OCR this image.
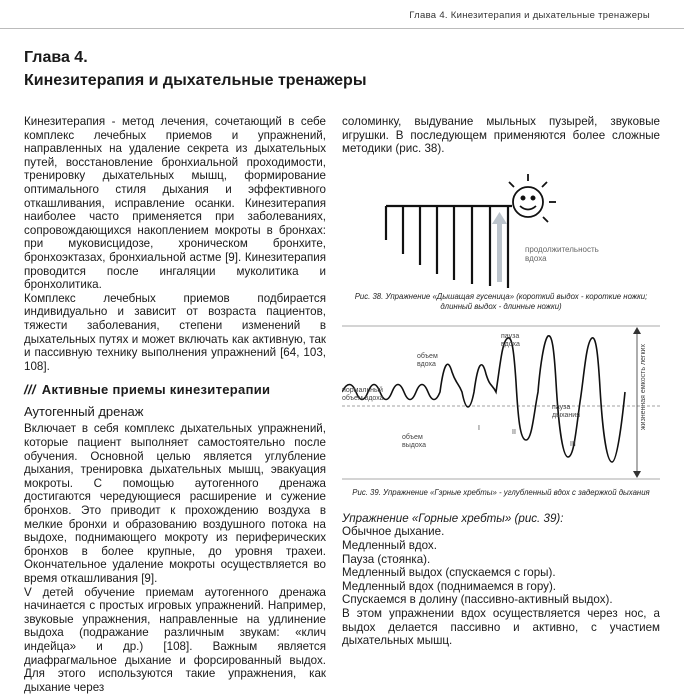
Глава 4. Кинезитерапия и дыхательные тренажеры
Глава 4.
Кинезитерапия и дыхательные тренажеры

Кинезитерапия - метод лечения, сочетающий в себе комплекс лечебных приемов и упражнений, направленных на удаление секрета из дыхательных путей, восстановление бронхиальной проходимости, тренировку дыхательных мышц, формирование оптимального стиля дыхания и эффективного откашливания, исправление осанки. Кинезитерапия наиболее часто применяется при заболеваниях, сопровождающихся накоплением мокроты в бронхах: при муковисцидозе, хроническом бронхите, бронхоэктазах, бронхиальной астме [9]. Кинезитерапия проводится после ингаляции муколитика и бронхолитика.

Комплекс лечебных приемов подбирается индивидуально и зависит от возраста пациентов, тяжести заболевания, степени изменений в дыхательных путях и может включать как активную, так и пассивную технику выполнения упражнений [64, 103, 108].

/// Активные приемы кинезитерапии
Аутогенный дренаж

Включает в себя комплекс дыхательных упражнений, которые пациент выполняет самостоятельно после обучения. Основной целью является углубление дыхания, тренировка дыхательных мышц, эвакуация мокроты. С помощью аутогенного дренажа достигаются чередующиеся расширение и сужение бронхов. Это приводит к прохождению воздуха в мелкие бронхи и образованию воздушного потока на выдохе, поднимающего мокроту из периферических бронхов в более крупные, до уровня трахеи. Окончательное удаление мокроты осуществляется во время откашливания [9].

V детей обучение приемам аутогенного дренажа начинается с простых игровых упражнений. Например, звуковые упражнения, направленные на удлинение выдоха (подражание различным звукам: «клич индейца» и др.) [108]. Важным является диафрагмальное дыхание и форсированный выдох. Для этого используются такие упражнения, как дыхание через

соломинку, выдувание мыльных пузырей, звуковые игрушки. В последующем применяются более сложные методики (рис. 38).

продолжительность вдоха
Рис. 38. Упражнение «Дышащая гусеница» (короткий выдох - короткие ножки; длинный выдох - длинные ножки)
объем вдоха
пауза вдоха
нормальный объем вдоха
объем выдоха
пауза дыхания
I
II
III
жизненная емкость легких
Рис. 39. Упражнение «Гэрные хребты» - углубленный вдох с задержкой дыхания

Упражнение «Горные хребты» (рис. 39):

Обычное дыхание.

Медленный вдох.

Пауза (стоянка).

Медленный выдох (спускаемся с горы).

Медленный вдох (поднимаемся в гору).

Спускаемся в долину (пассивно-активный выдох).

В этом упражнении вдох осуществляется через нос, а выдох делается пассивно и активно, с участием дыхательных мышц.
